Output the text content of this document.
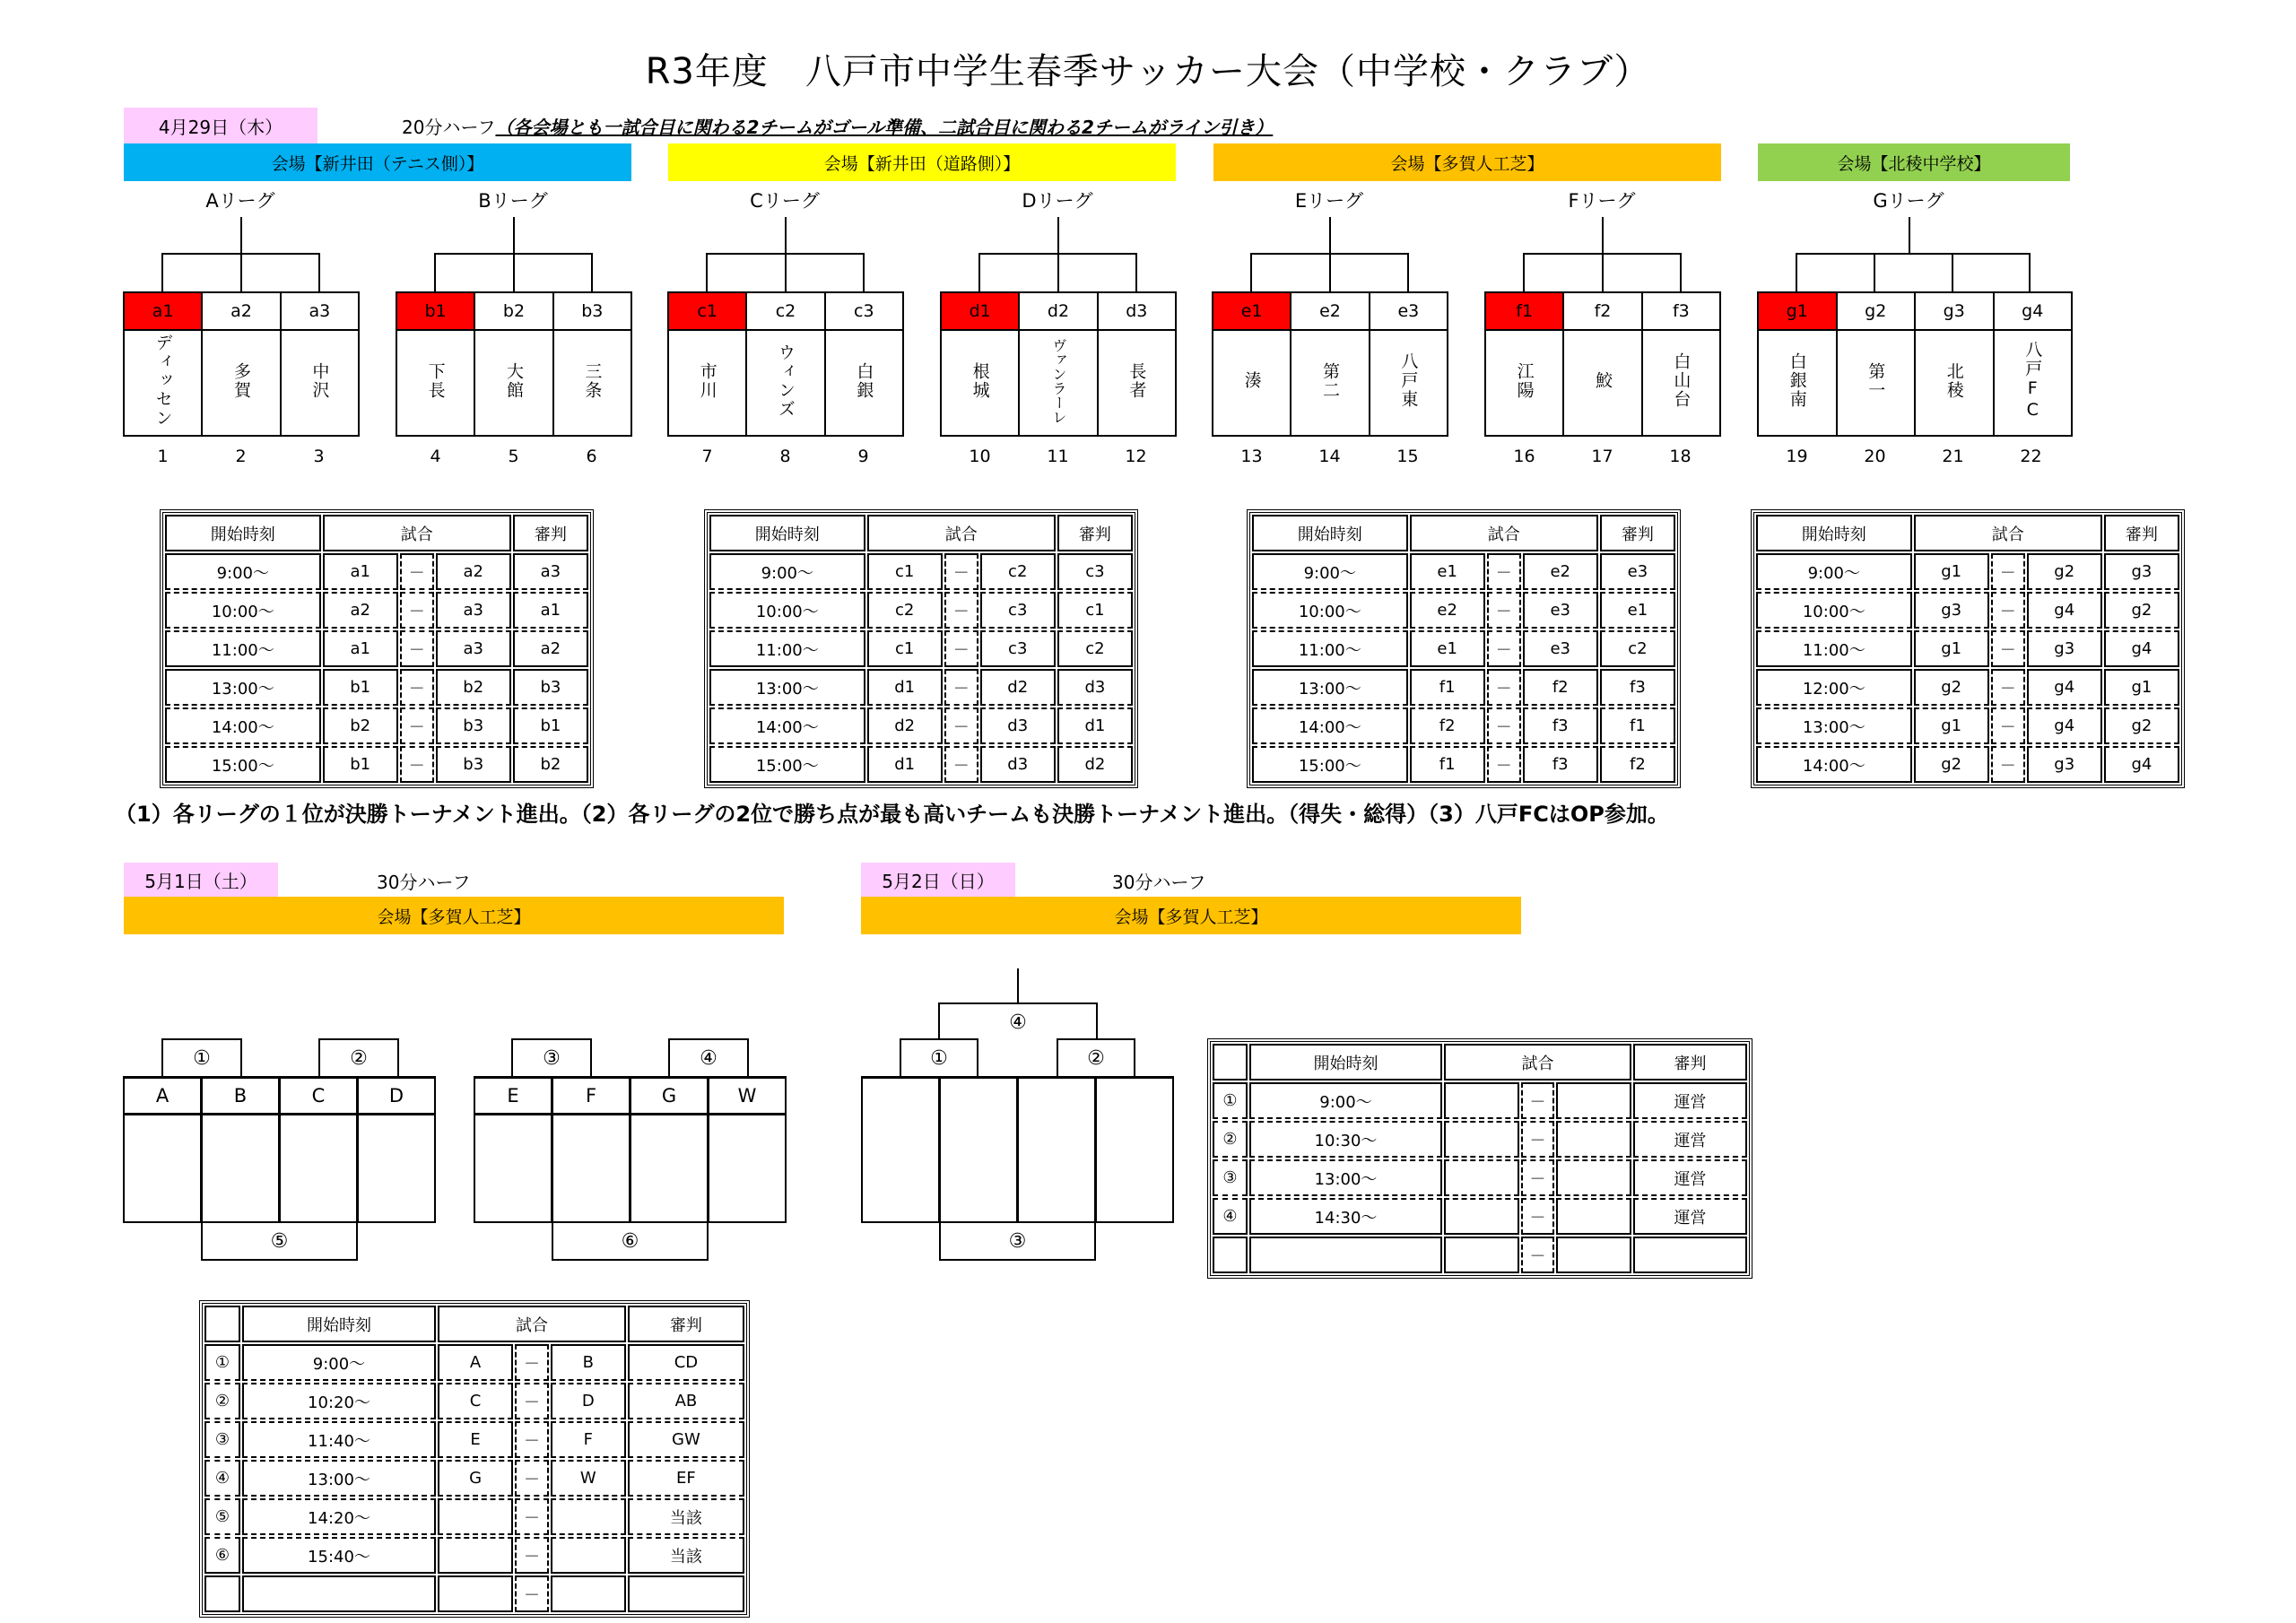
R3年度　八戸市中学生春季サッカー大会（中学校・クラブ）
4月29日（木）	20分ハーフ（各会場とも一試合目に関わる2チームがゴール準備、二試合目に関わる2チームがライン引き）
会場【新井田（テニス側）】	会場【新井田（道路側）】	会場【多賀人工芝】	会場【北稜中学校】
Aリーグ	Bリーグ	Cリーグ	Dリーグ	Eリーグ	Fリーグ	Gリーグ
a1	a2	a3
ディッセン	多賀	中沢
b1	b2	b3
下長	大館	三条
c1	c2	c3
市川	ウィンズ	白銀
d1	d2	d3
根城	ヴァンラーレ	長者
e1	e2	e3
湊	第二	八戸東
f1	f2	f3
江陽	鮫	白山台
g1	g2	g3	g4
白銀南	第一	北稜	八戸FC
1	2	3	4	5	6	7	8	9	10	11	12	13	14	15	16	17	18	19	20	21	22
開始時刻	試合			審判
9:00～	a1	－	a2	a3
10:00～	a2	－	a3	a1
11:00～	a1	－	a3	a2
13:00～	b1	－	b2	b3
14:00～	b2	－	b3	b1
15:00～	b1	－	b3	b2
開始時刻	試合			審判
9:00～	c1	－	c2	c3
10:00～	c2	－	c3	c1
11:00～	c1	－	c3	c2
13:00～	d1	－	d2	d3
14:00～	d2	－	d3	d1
15:00～	d1	－	d3	d2
開始時刻	試合			審判
9:00～	e1	－	e2	e3
10:00～	e2	－	e3	e1
11:00～	e1	－	e3	c2
13:00～	f1	－	f2	f3
14:00～	f2	－	f3	f1
15:00～	f1	－	f3	f2
開始時刻	試合			審判
9:00～	g1	－	g2	g3
10:00～	g3	－	g4	g2
11:00～	g1	－	g3	g4
12:00～	g2	－	g4	g1
13:00～	g1	－	g4	g2
14:00～	g2	－	g3	g4
（1）各リーグの１位が決勝トーナメント進出。（2）各リーグの2位で勝ち点が最も高いチームも決勝トーナメント進出。（得失・総得）（3）八戸FCはOP参加。
5月1日（土）	30分ハーフ
会場【多賀人工芝】
①	②
A	B	C	D
⑤
③	④
E	F	G	W
⑥
	開始時刻	試合			審判
①	9:00～	A	－	B	CD
②	10:20～	C	－	D	AB
③	11:40～	E	－	F	GW
④	13:00～	G	－	W	EF
⑤	14:20～		－		当該
⑥	15:40～		－		当該
			－		
5月2日（日）	30分ハーフ
会場【多賀人工芝】
④
①	②
③
	開始時刻	試合			審判
①	9:00～		－		運営
②	10:30～		－		運営
③	13:00～		－		運営
④	14:30～		－		運営
			－		
